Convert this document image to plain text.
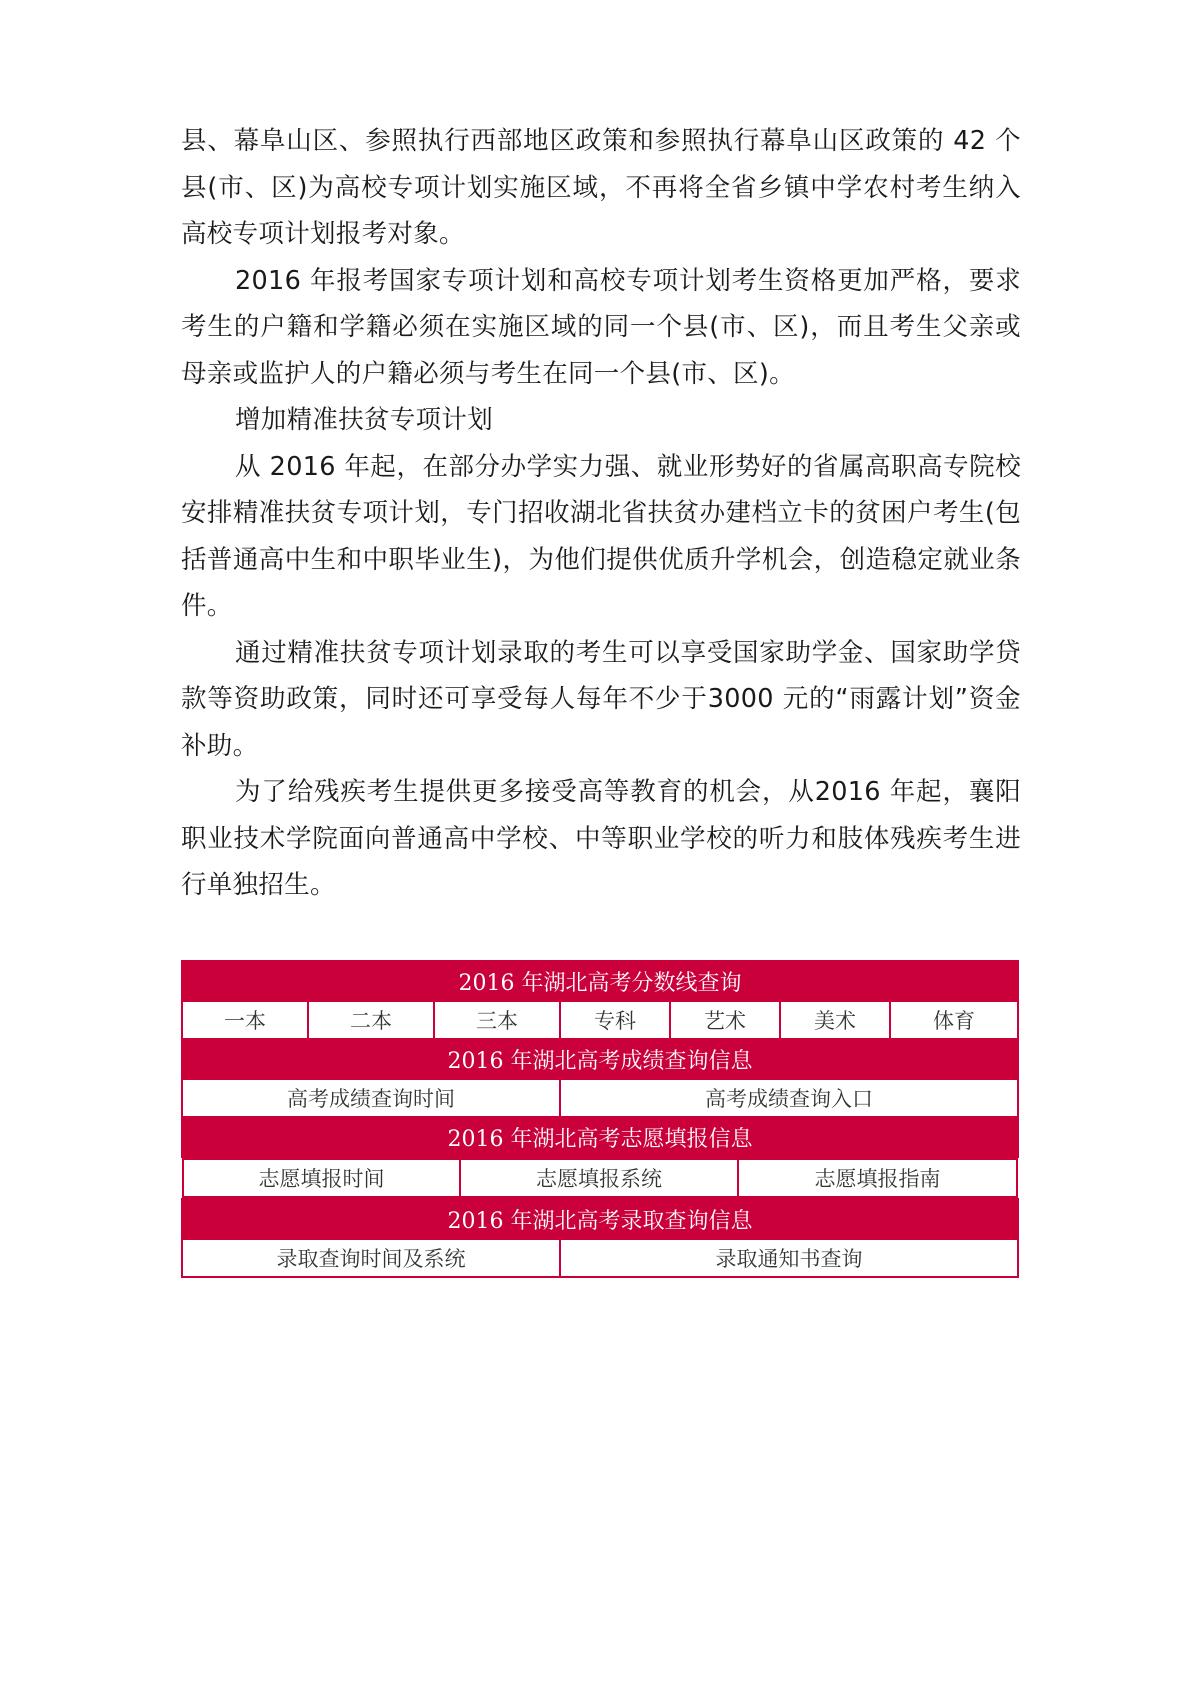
县、幕阜山区、参照执行西部地区政策和参照执行幕阜山区政策的 42 个县(市、区)为高校专项计划实施区域，不再将全省乡镇中学农村考生纳入高校专项计划报考对象。

2016 年报考国家专项计划和高校专项计划考生资格更加严格，要求考生的户籍和学籍必须在实施区域的同一个县(市、区)，而且考生父亲或母亲或监护人的户籍必须与考生在同一个县(市、区)。

增加精准扶贫专项计划

从 2016 年起，在部分办学实力强、就业形势好的省属高职高专院校安排精准扶贫专项计划，专门招收湖北省扶贫办建档立卡的贫困户考生(包括普通高中生和中职毕业生)，为他们提供优质升学机会，创造稳定就业条件。

通过精准扶贫专项计划录取的考生可以享受国家助学金、国家助学贷款等资助政策，同时还可享受每人每年不少于3000 元的“雨露计划”资金补助。

为了给残疾考生提供更多接受高等教育的机会，从2016 年起，襄阳职业技术学院面向普通高中学校、中等职业学校的听力和肢体残疾考生进行单独招生。

2016 年湖北高考分数线查询
一本	二本	三本	专科	艺术	美术	体育
2016 年湖北高考成绩查询信息
高考成绩查询时间	高考成绩查询入口
2016 年湖北高考志愿填报信息

志愿填报时间	志愿填报系统	志愿填报指南

2016 年湖北高考录取查询信息
录取查询时间及系统	录取通知书查询
